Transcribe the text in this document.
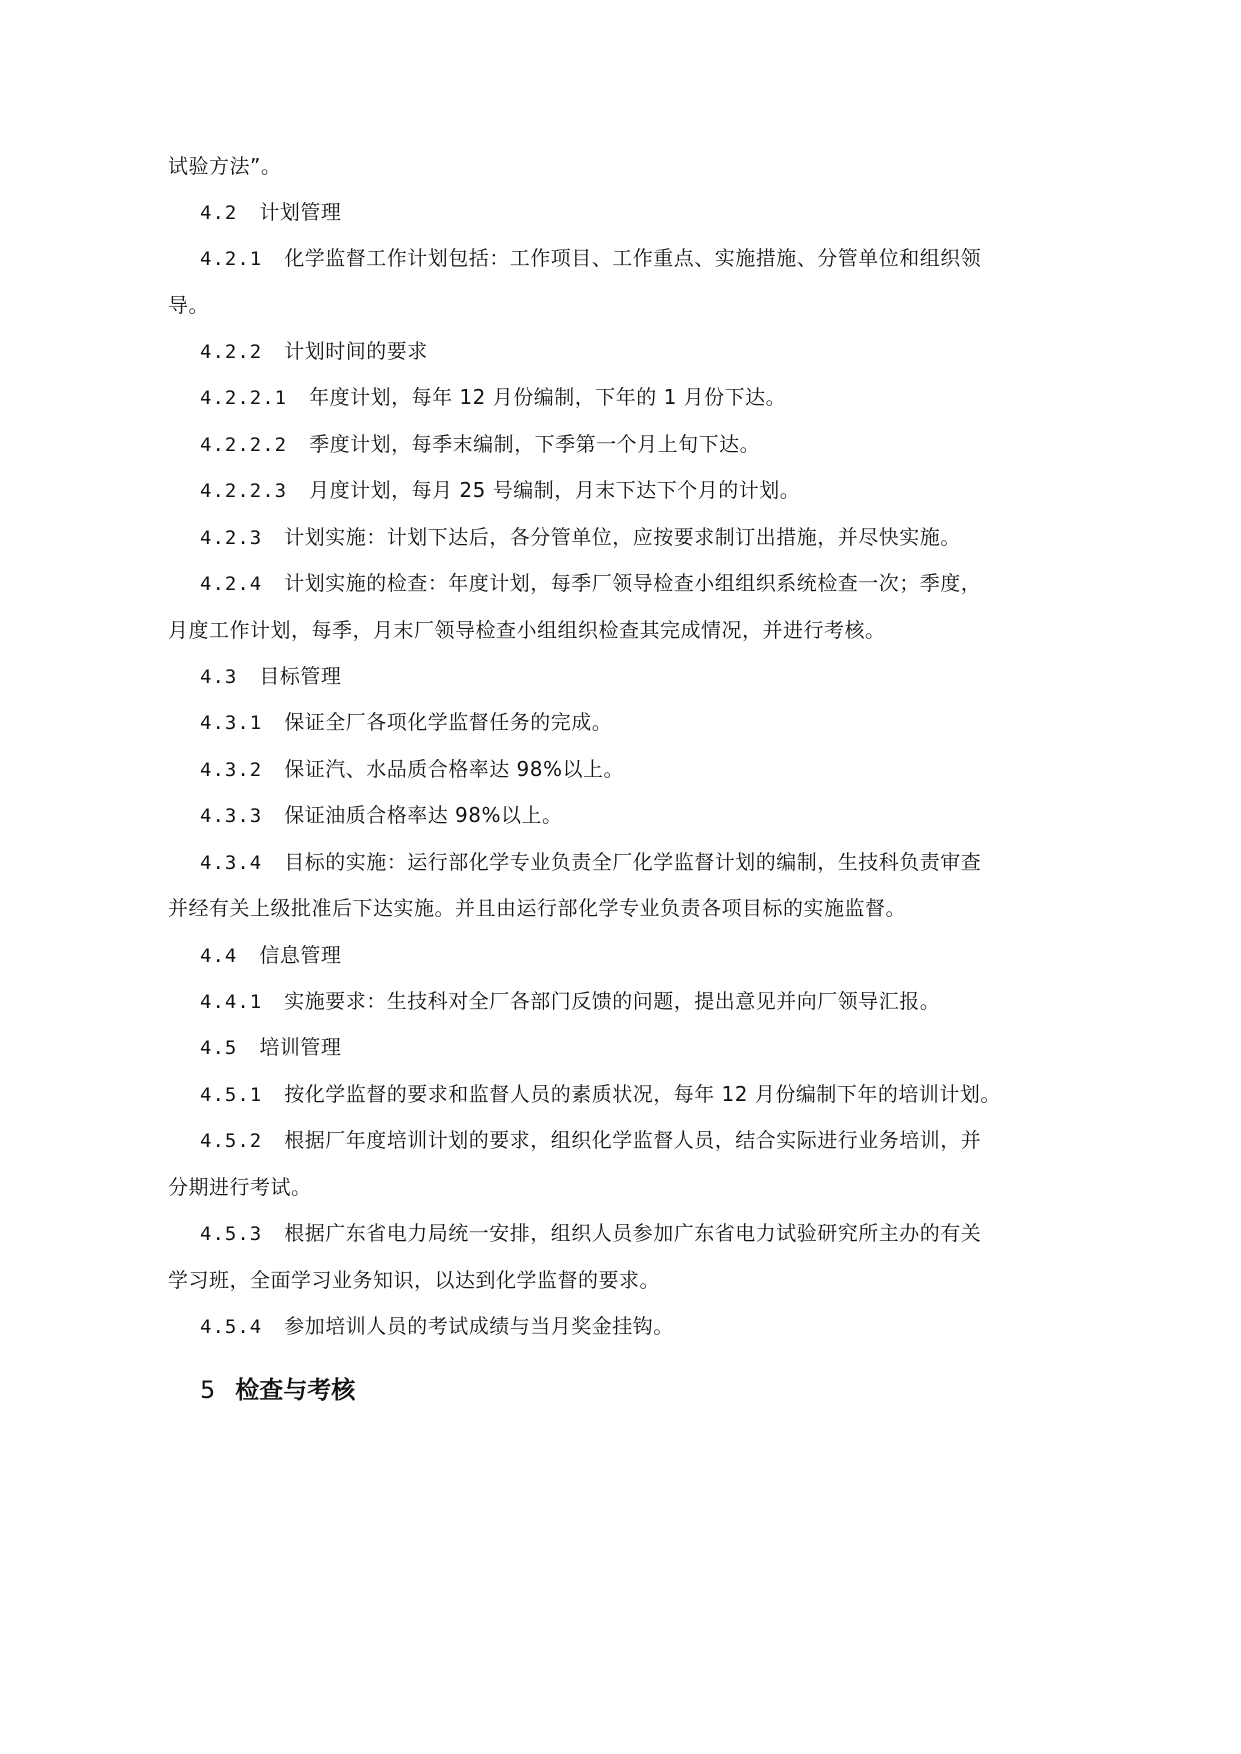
试验方法”。
4.2 计划管理
4.2.1 化学监督工作计划包括：工作项目、工作重点、实施措施、分管单位和组织领
导。
4.2.2 计划时间的要求
4.2.2.1 年度计划，每年 12 月份编制，下年的 1 月份下达。
4.2.2.2 季度计划，每季末编制，下季第一个月上旬下达。
4.2.2.3 月度计划，每月 25 号编制，月末下达下个月的计划。
4.2.3 计划实施：计划下达后，各分管单位，应按要求制订出措施，并尽快实施。
4.2.4 计划实施的检查：年度计划，每季厂领导检查小组组织系统检查一次；季度，
月度工作计划，每季，月末厂领导检查小组组织检查其完成情况，并进行考核。
4.3 目标管理
4.3.1 保证全厂各项化学监督任务的完成。
4.3.2 保证汽、水品质合格率达 98%以上。
4.3.3 保证油质合格率达 98%以上。
4.3.4 目标的实施：运行部化学专业负责全厂化学监督计划的编制，生技科负责审查
并经有关上级批准后下达实施。并且由运行部化学专业负责各项目标的实施监督。
4.4 信息管理
4.4.1 实施要求：生技科对全厂各部门反馈的问题，提出意见并向厂领导汇报。
4.5 培训管理
4.5.1 按化学监督的要求和监督人员的素质状况，每年 12 月份编制下年的培训计划。
4.5.2 根据厂年度培训计划的要求，组织化学监督人员，结合实际进行业务培训，并
分期进行考试。
4.5.3 根据广东省电力局统一安排，组织人员参加广东省电力试验研究所主办的有关
学习班，全面学习业务知识，以达到化学监督的要求。
4.5.4 参加培训人员的考试成绩与当月奖金挂钩。
5 检查与考核
